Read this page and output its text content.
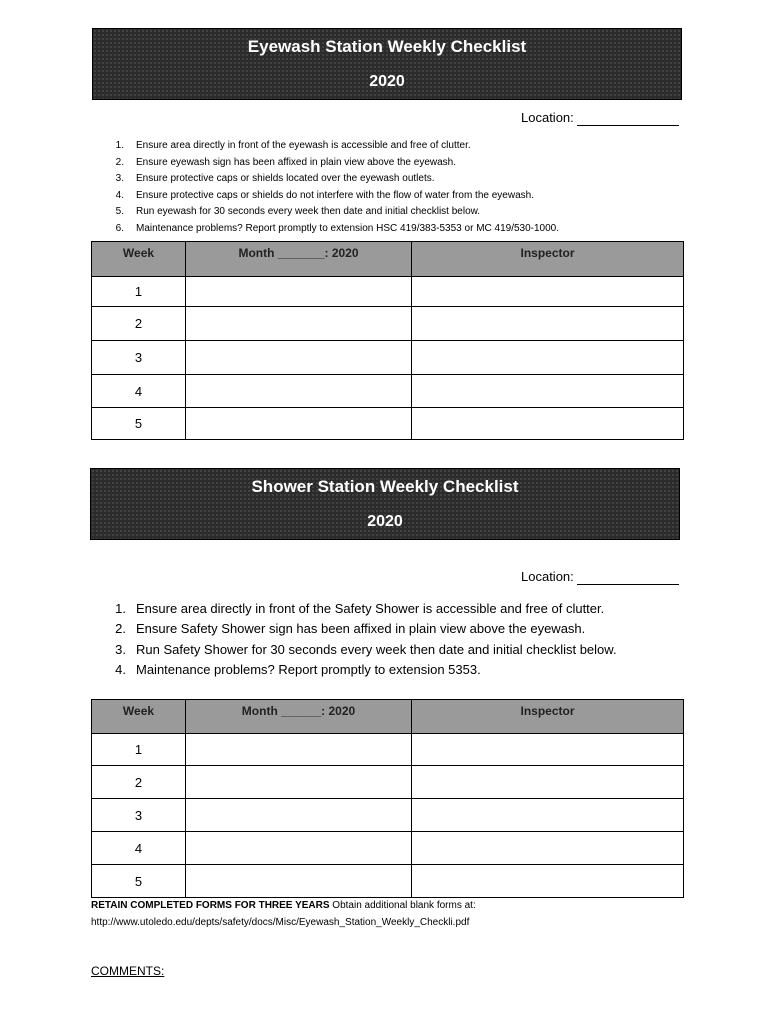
Eyewash Station Weekly Checklist
2020
Location:
1. Ensure area directly in front of the eyewash is accessible and free of clutter.
2. Ensure eyewash sign has been affixed in plain view above the eyewash.
3. Ensure protective caps or shields located over the eyewash outlets.
4. Ensure protective caps or shields do not interfere with the flow of water from the eyewash.
5. Run eyewash for 30 seconds every week then date and initial checklist below.
6. Maintenance problems? Report promptly to extension HSC 419/383-5353 or MC 419/530-1000.
Week	Month _______: 2020	Inspector
1		
2		
3		
4		
5		
Shower Station Weekly Checklist
2020
Location:
1. Ensure area directly in front of the Safety Shower is accessible and free of clutter.
2. Ensure Safety Shower sign has been affixed in plain view above the eyewash.
3. Run Safety Shower for 30 seconds every week then date and initial checklist below.
4. Maintenance problems? Report promptly to extension 5353.
Week	Month ______: 2020	Inspector
1		
2		
3		
4		
5		
RETAIN COMPLETED FORMS FOR THREE YEARS Obtain additional blank forms at:
http://www.utoledo.edu/depts/safety/docs/Misc/Eyewash_Station_Weekly_Checkli.pdf
COMMENTS:
